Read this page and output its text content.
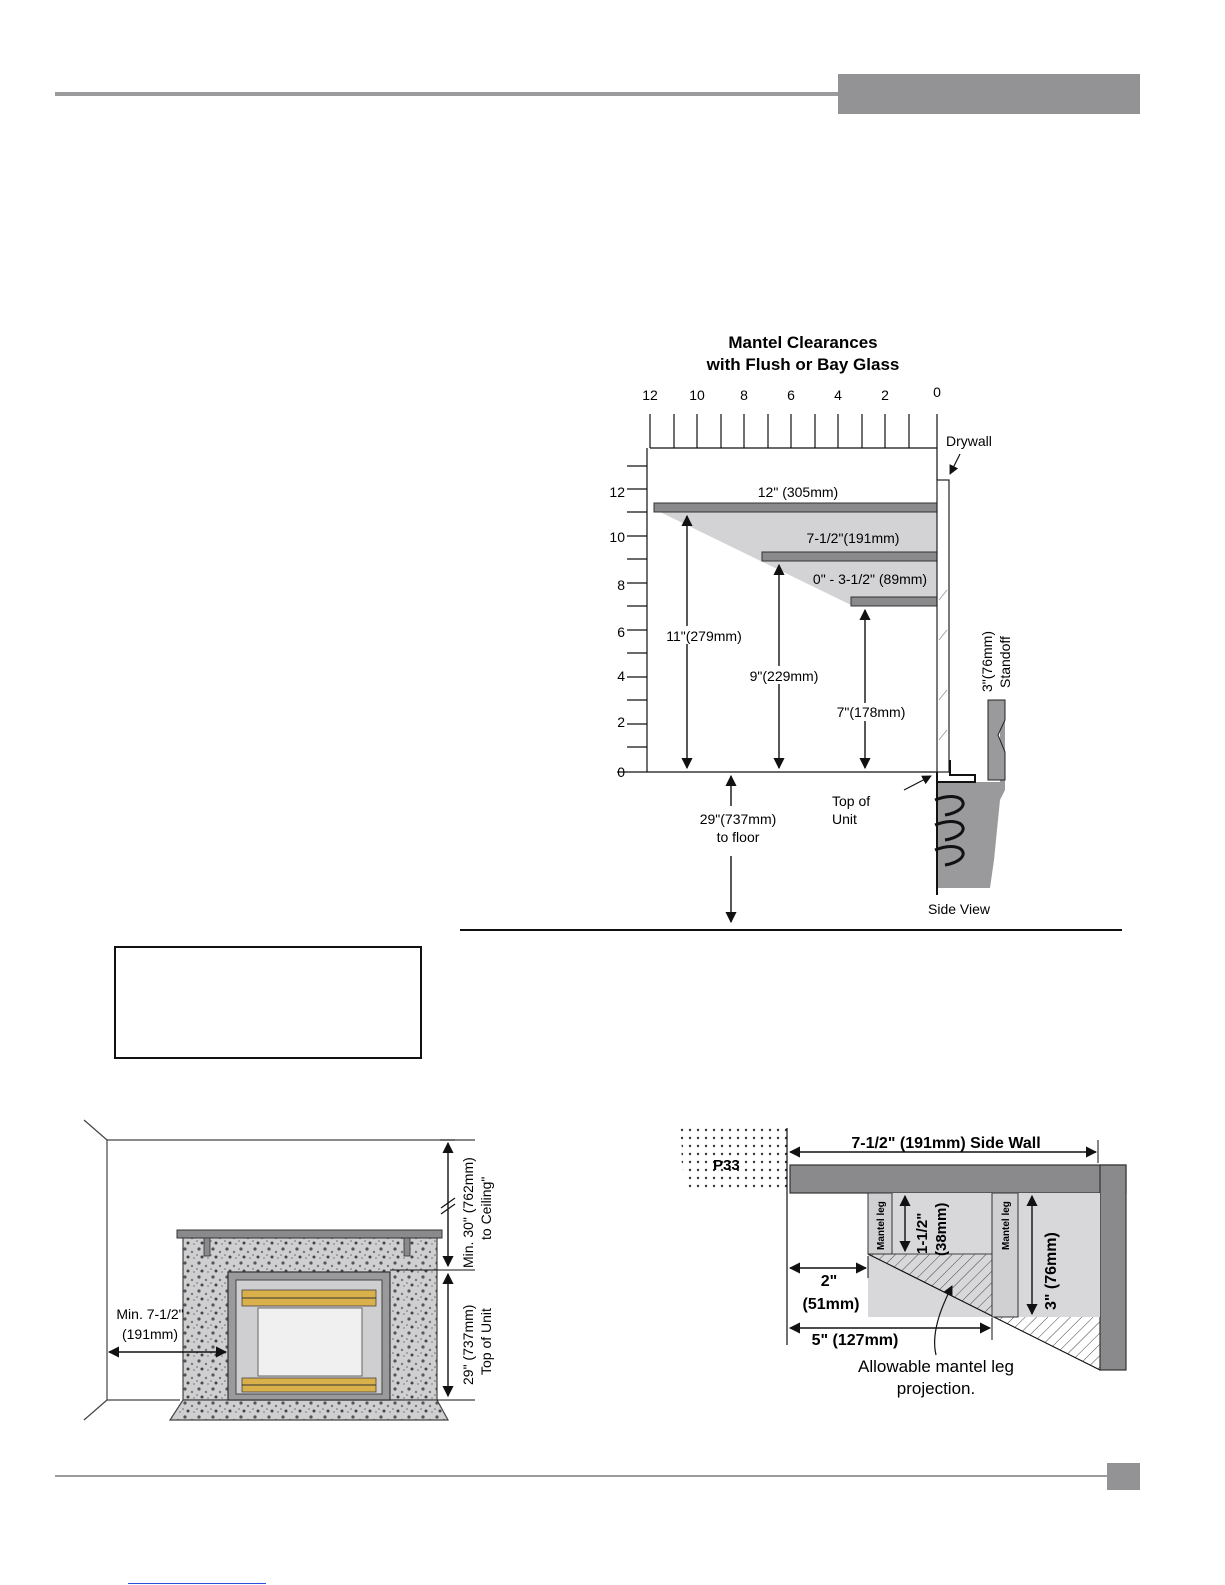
Mantel Clearances
with Flush or Bay Glass
12 10	8	6	4	2	0
12
10
8
6
4
2
0
12" (305mm)
7-1/2"(191mm)
0" - 3-1/2" (89mm)
Drywall
11"(279mm)
9"(229mm)
7"(178mm)
29"(737mm)
to floor
Top of
Unit
3"(76mm) Standoff
Side View
Min. 7-1/2"
(191mm)
Min. 30" (762mm) to Ceiling"
29" (737mm) Top of Unit
P33
7-1/2" (191mm) Side Wall
Mantel leg	Mantel leg
1-1/2" (38mm)
3" (76mm)
2"
(51mm)
5" (127mm)
Allowable mantel leg
projection.
